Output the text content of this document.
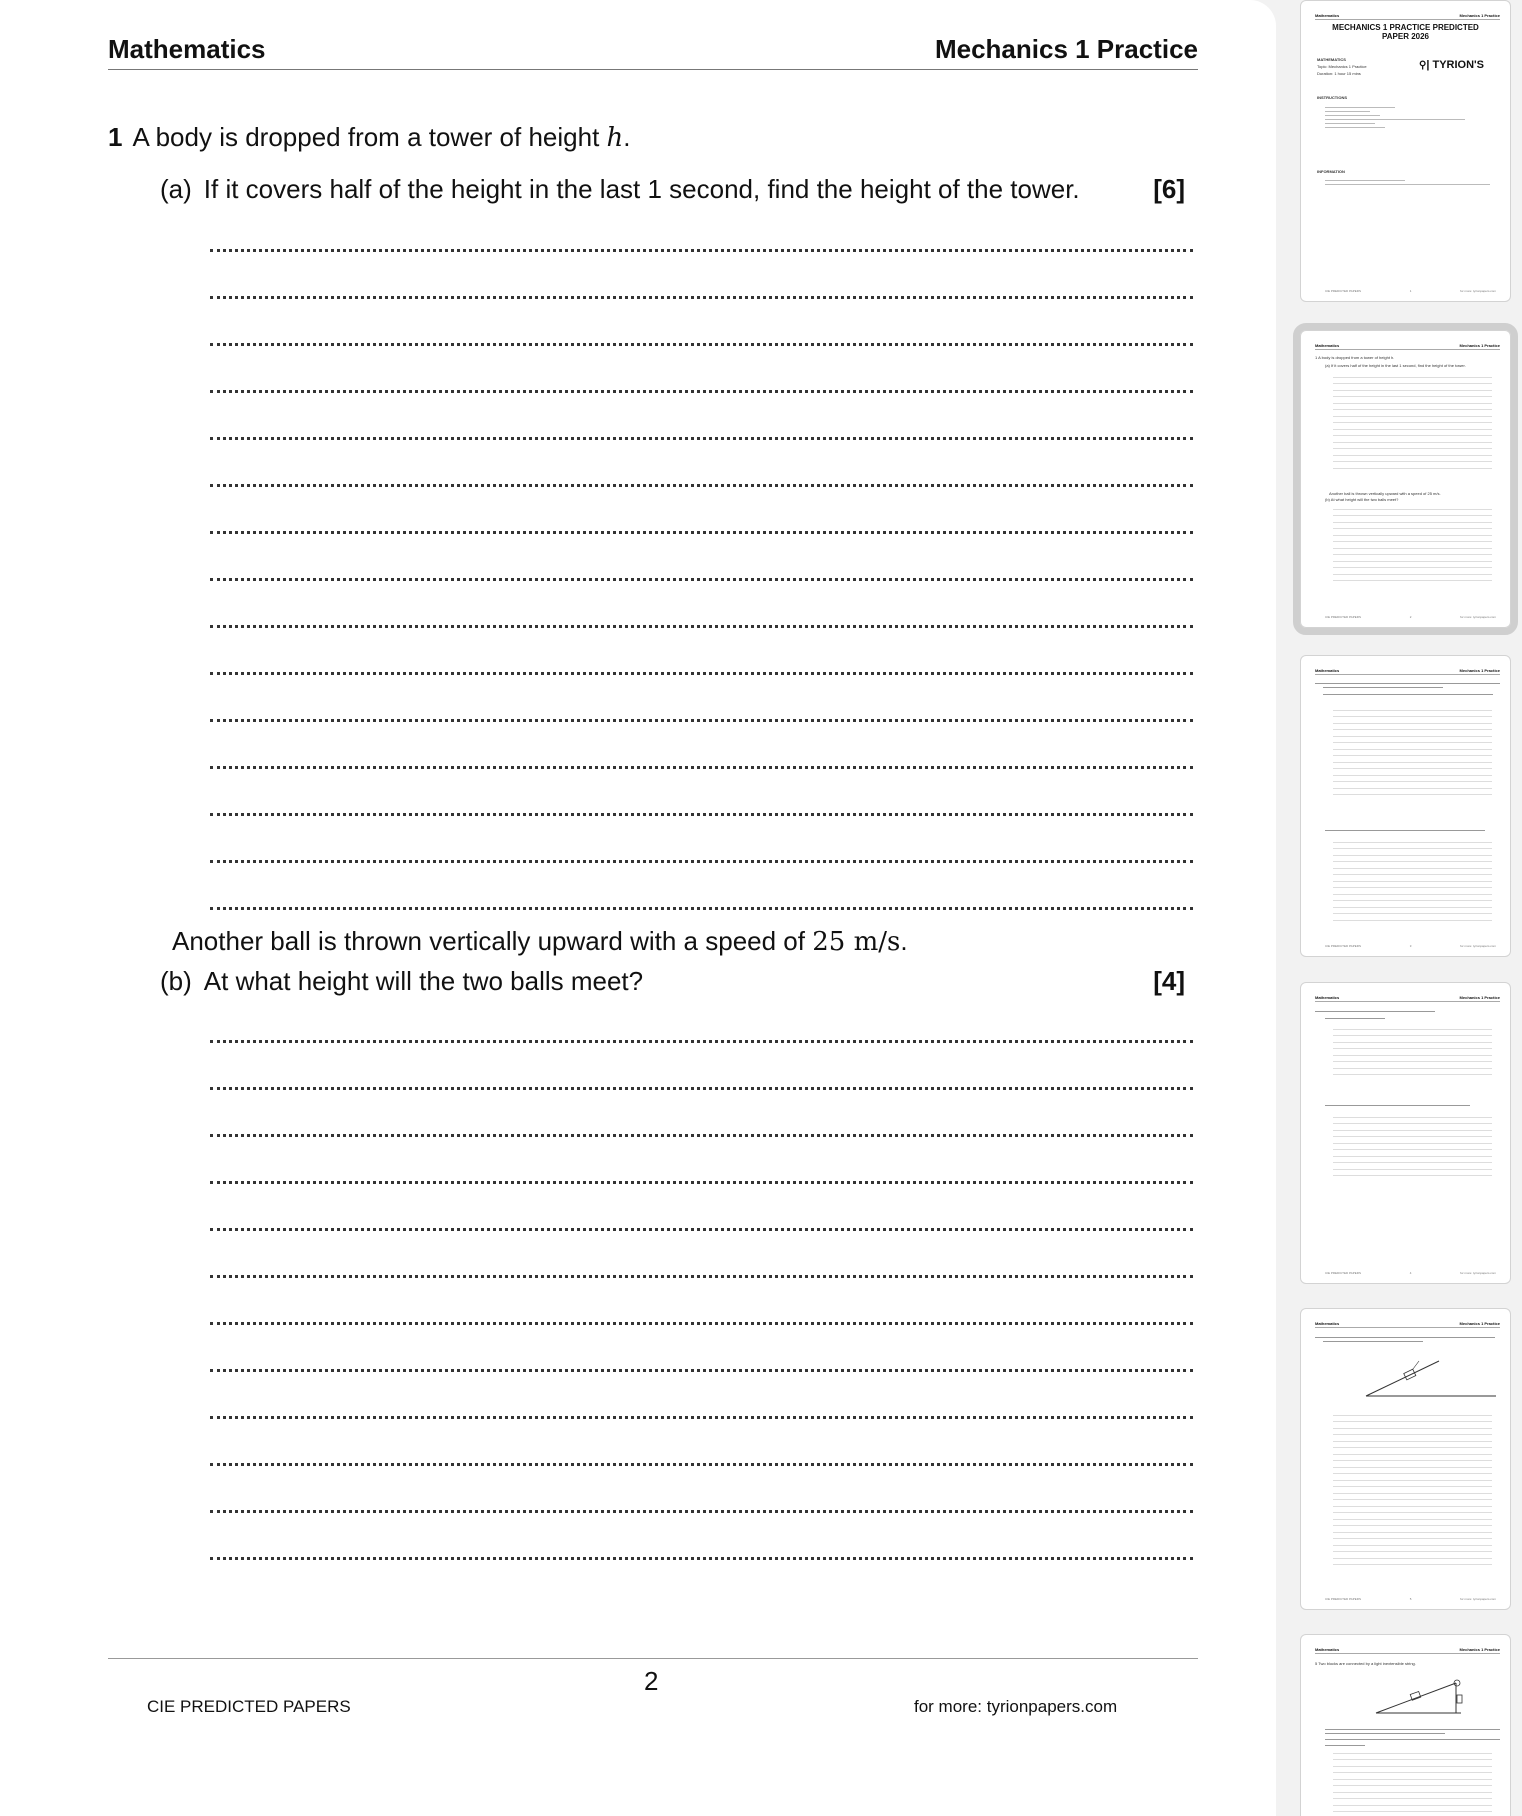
Mathematics	Mechanics 1 Practice
1 A body is dropped from a tower of height h.
(a) If it covers half of the height in the last 1 second, find the height of the tower.	[6]
Another ball is thrown vertically upward with a speed of 25 m/s.
(b) At what height will the two balls meet?	[4]
2
CIE PREDICTED PAPERS	for more: tyrionpapers.com
Mathematics	Mechanics 1 Practice
MECHANICS 1 PRACTICE PREDICTED
PAPER 2026
MATHEMATICS
Topic: Mechanics 1 Practice
Duration: 1 hour 15 mins
⚲| TYRION'S
INSTRUCTIONS
INFORMATION
CIE PREDICTED PAPERS	1	for more: tyrionpapers.com
Mathematics	Mechanics 1 Practice
1 A body is dropped from a tower of height h.
(a) If it covers half of the height in the last 1 second, find the height of the tower.
Another ball is thrown vertically upward with a speed of 25 m/s.
(b) At what height will the two balls meet?
CIE PREDICTED PAPERS	2	for more: tyrionpapers.com
Mathematics	Mechanics 1 Practice
CIE PREDICTED PAPERS	3	for more: tyrionpapers.com
Mathematics	Mechanics 1 Practice
CIE PREDICTED PAPERS	4	for more: tyrionpapers.com
Mathematics	Mechanics 1 Practice
CIE PREDICTED PAPERS	5	for more: tyrionpapers.com
Mathematics	Mechanics 1 Practice
5 Two blocks are connected by a light inextensible string.
